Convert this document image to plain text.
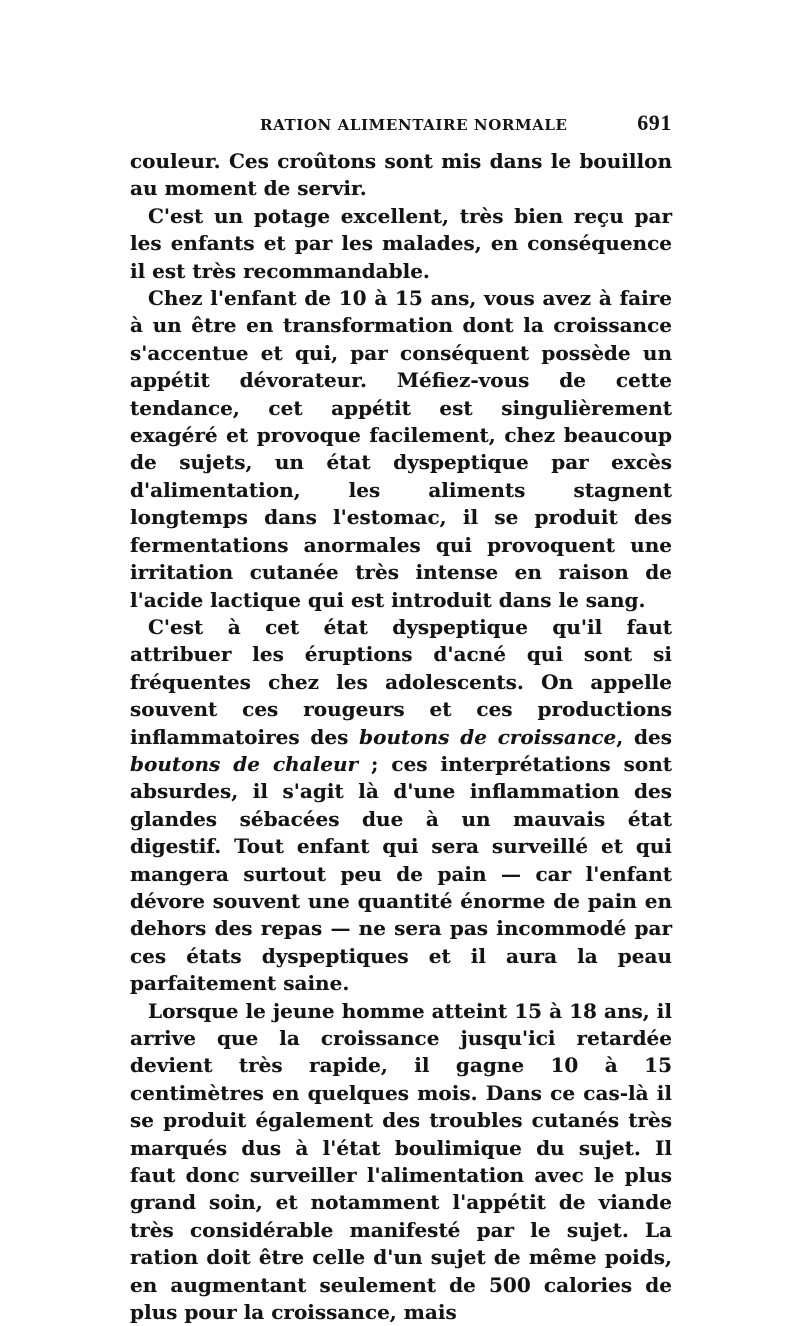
RATION ALIMENTAIRE NORMALE	691

couleur. Ces croûtons sont mis dans le bouillon au moment de servir.

C'est un potage excellent, très bien reçu par les enfants et par les malades, en conséquence il est très recommandable.

Chez l'enfant de 10 à 15 ans, vous avez à faire à un être en transformation dont la croissance s'accentue et qui, par conséquent possède un appétit dévorateur. Méfiez-vous de cette tendance, cet appétit est singulièrement exagéré et provoque facilement, chez beaucoup de sujets, un état dyspeptique par excès d'alimentation, les aliments stagnent longtemps dans l'estomac, il se produit des fermentations anormales qui provoquent une irritation cutanée très intense en raison de l'acide lactique qui est introduit dans le sang.

C'est à cet état dyspeptique qu'il faut attribuer les éruptions d'acné qui sont si fréquentes chez les adolescents. On appelle souvent ces rougeurs et ces productions inflammatoires des boutons de croissance, des boutons de chaleur ; ces interprétations sont absurdes, il s'agit là d'une inflammation des glandes sébacées due à un mauvais état digestif. Tout enfant qui sera surveillé et qui mangera surtout peu de pain — car l'enfant dévore souvent une quantité énorme de pain en dehors des repas — ne sera pas incommodé par ces états dyspeptiques et il aura la peau parfaitement saine.

Lorsque le jeune homme atteint 15 à 18 ans, il arrive que la croissance jusqu'ici retardée devient très rapide, il gagne 10 à 15 centimètres en quelques mois. Dans ce cas-là il se produit également des troubles cutanés très marqués dus à l'état boulimique du sujet. Il faut donc surveiller l'alimentation avec le plus grand soin, et notamment l'appétit de viande très considérable manifesté par le sujet. La ration doit être celle d'un sujet de même poids, en augmentant seulement de 500 calories de plus pour la croissance, mais
